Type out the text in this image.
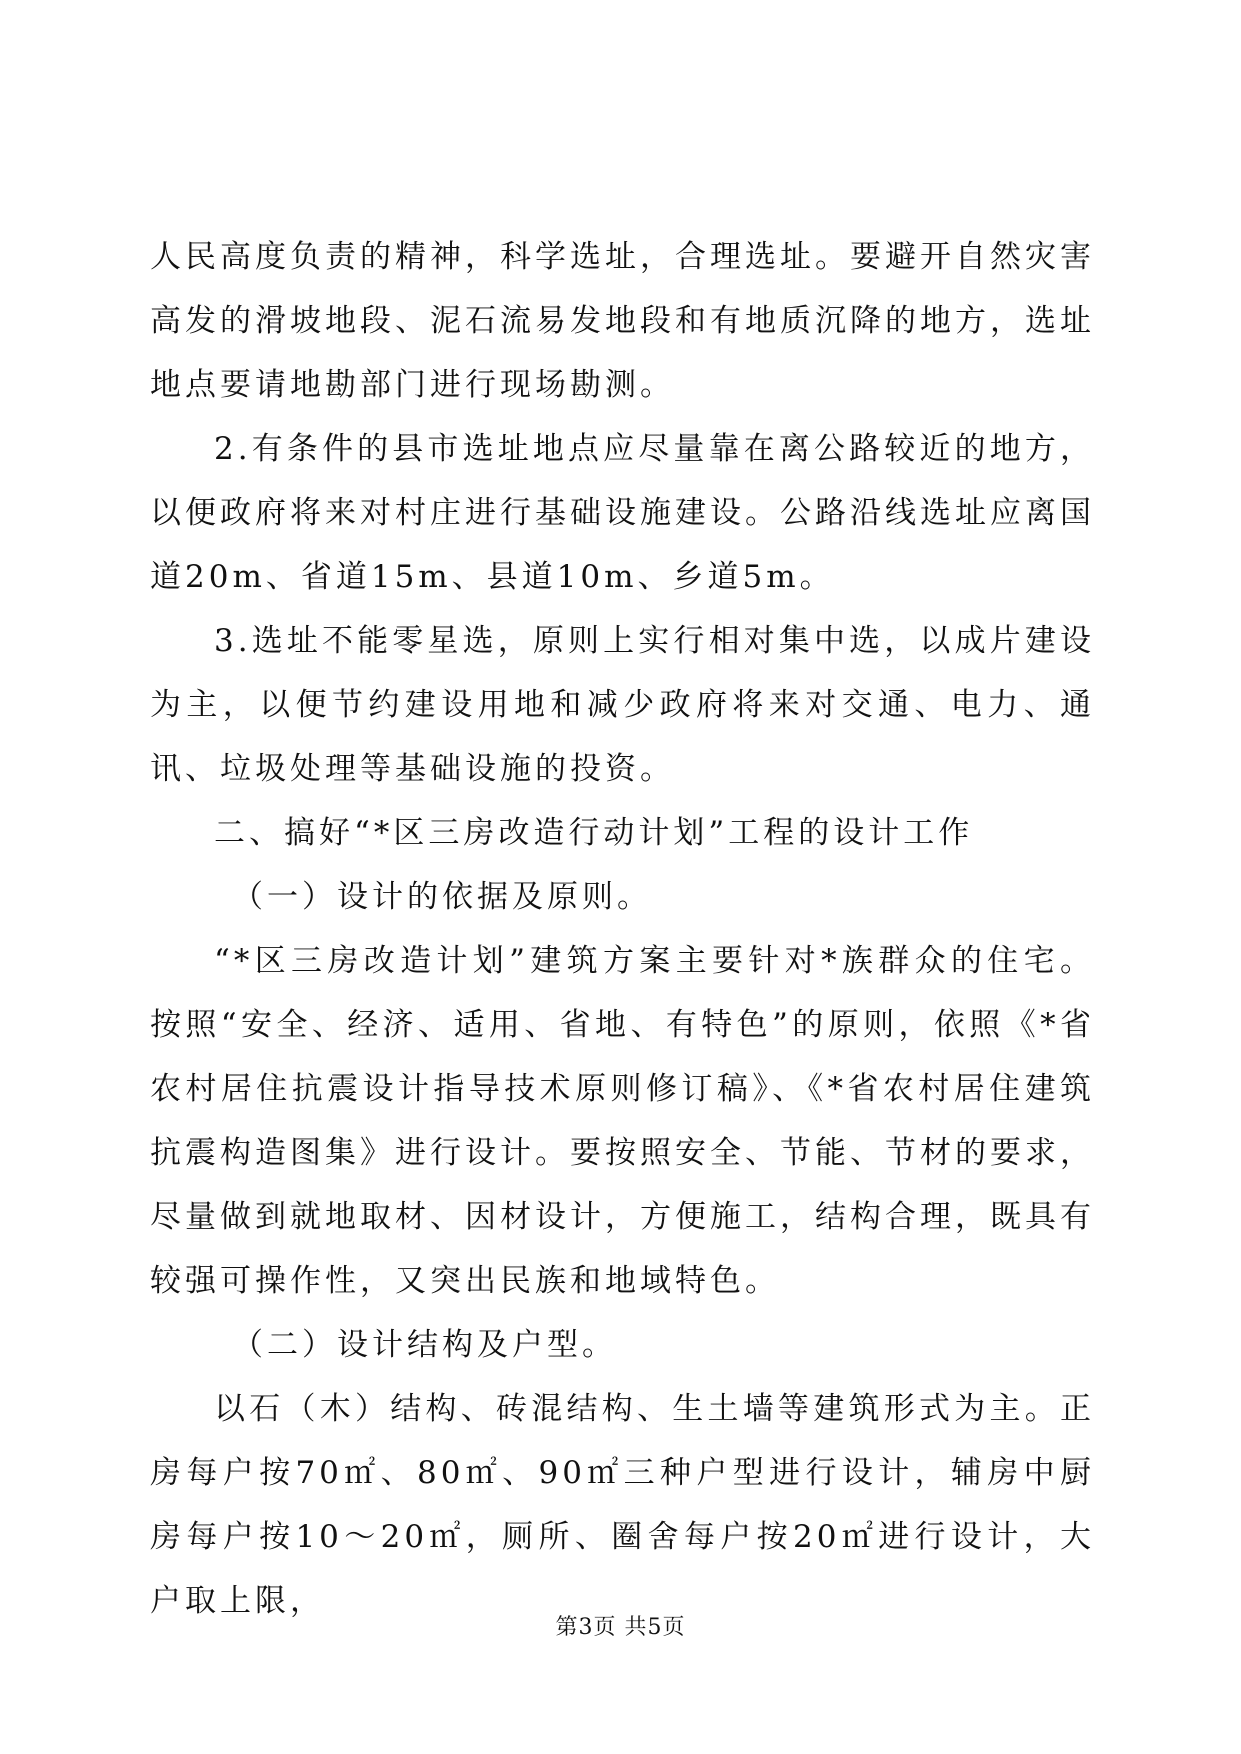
人民高度负责的精神，科学选址，合理选址。要避开自然灾害高发的滑坡地段、泥石流易发地段和有地质沉降的地方，选址地点要请地勘部门进行现场勘测。

2.有条件的县市选址地点应尽量靠在离公路较近的地方，以便政府将来对村庄进行基础设施建设。公路沿线选址应离国道20m、省道15m、县道10m、乡道5m。

3.选址不能零星选，原则上实行相对集中选，以成片建设为主，以便节约建设用地和减少政府将来对交通、电力、通讯、垃圾处理等基础设施的投资。

二、搞好“*区三房改造行动计划”工程的设计工作

（一）设计的依据及原则。

“*区三房改造计划”建筑方案主要针对*族群众的住宅。按照“安全、经济、适用、省地、有特色”的原则，依照《*省农村居住抗震设计指导技术原则修订稿》、《*省农村居住建筑抗震构造图集》进行设计。要按照安全、节能、节材的要求，尽量做到就地取材、因材设计，方便施工，结构合理，既具有较强可操作性，又突出民族和地域特色。

（二）设计结构及户型。

以石（木）结构、砖混结构、生土墙等建筑形式为主。正房每户按70㎡、80㎡、90㎡三种户型进行设计，辅房中厨房每户按10～20㎡，厕所、圈舍每户按20㎡进行设计，大户取上限，

第3页 共5页
